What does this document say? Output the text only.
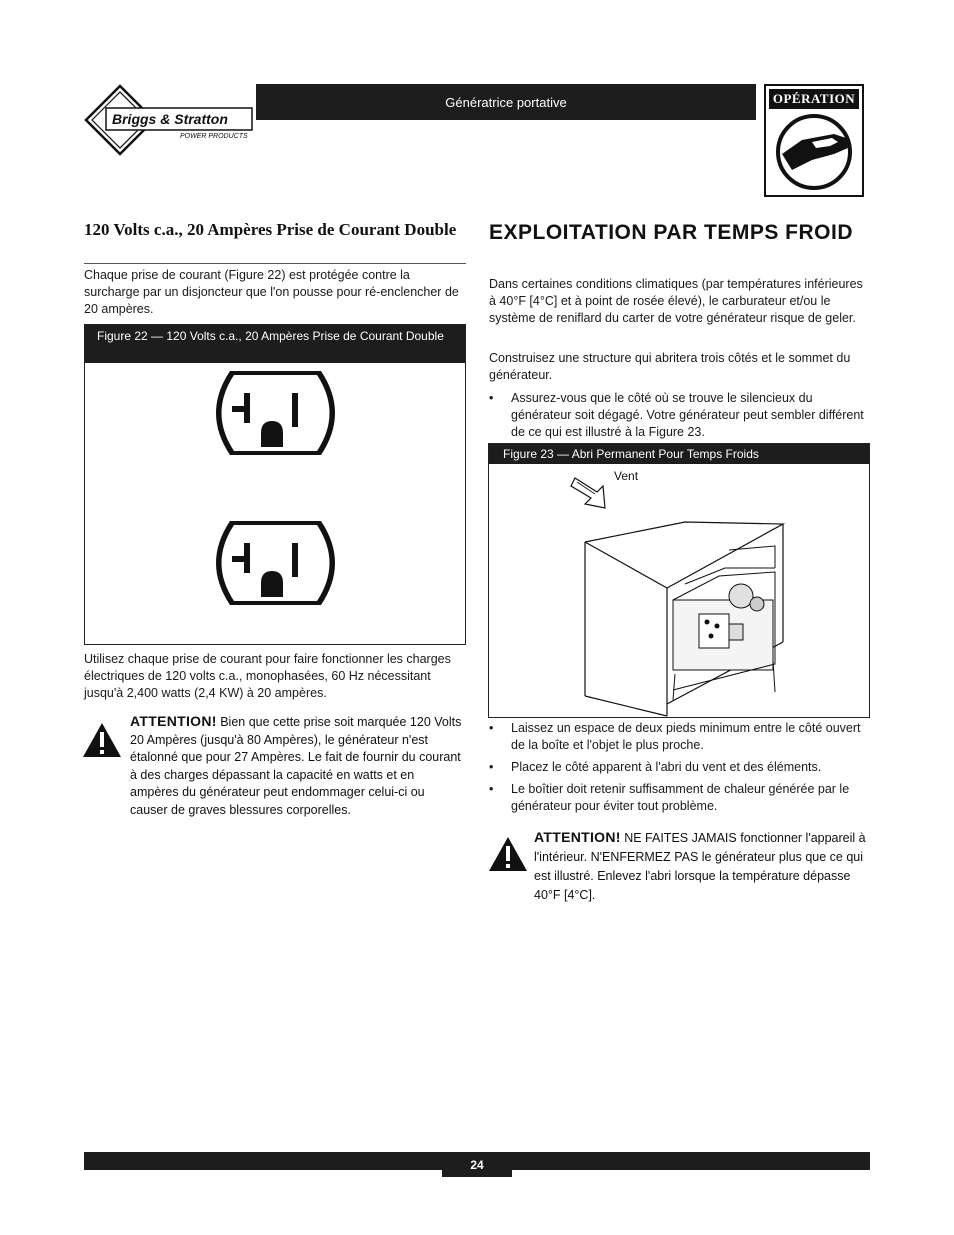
Briggs & Stratton
POWER PRODUCTS
Génératrice portative	OPÉRATION
120 Volts c.a., 20 Ampères Prise de Courant Double
Chaque prise de courant (Figure 22) est protégée contre la surcharge par un disjoncteur que l'on pousse pour ré-enclencher de 20 ampères.
Figure 22 — 120 Volts c.a., 20 Ampères Prise de Courant Double
Utilisez chaque prise de courant pour faire fonctionner les charges électriques de 120 volts c.a., monophasées, 60 Hz nécessitant jusqu'à 2,400 watts (2,4 KW) à 20 ampères.
ATTENTION! Bien que cette prise soit marquée 120 Volts 20 Ampères (jusqu'à 80 Ampères), le générateur n'est étalonné que pour 27 Ampères. Le fait de fournir du courant à des charges dépassant la capacité en watts et en ampères du générateur peut endommager celui-ci ou causer de graves blessures corporelles.
EXPLOITATION PAR TEMPS FROID
Dans certaines conditions climatiques (par températures inférieures à 40°F [4°C] et à point de rosée élevé), le carburateur et/ou le système de reniflard du carter de votre générateur risque de geler.
Construisez une structure qui abritera trois côtés et le sommet du générateur.
•	Assurez-vous que le côté où se trouve le silencieux du générateur soit dégagé. Votre générateur peut sembler différent de ce qui est illustré à la Figure 23.
Figure 23 — Abri Permanent Pour Temps Froids
Vent
•	Laissez un espace de deux pieds minimum entre le côté ouvert de la boîte et l'objet le plus proche.
•	Placez le côté apparent à l'abri du vent et des éléments.
•	Le boîtier doit retenir suffisamment de chaleur générée par le générateur pour éviter tout problème.
ATTENTION! NE FAITES JAMAIS fonctionner l'appareil à l'intérieur. N'ENFERMEZ PAS le générateur plus que ce qui est illustré. Enlevez l'abri lorsque la température dépasse 40°F [4°C].
24
